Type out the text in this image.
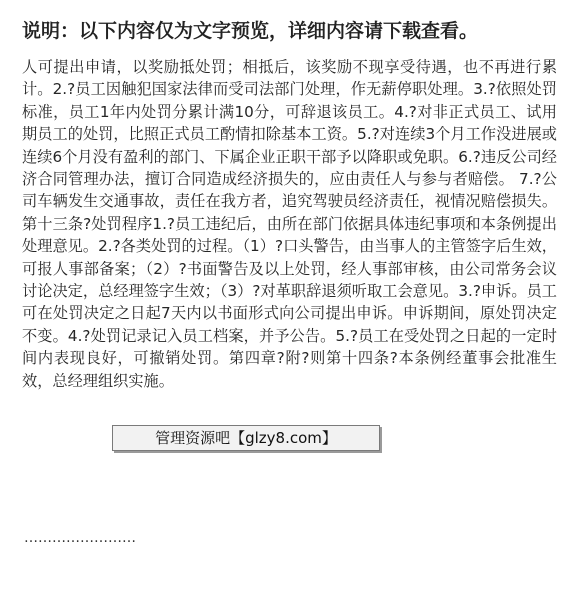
说明：以下内容仅为文字预览，详细内容请下载查看。
人可提出申请，以奖励抵处罚；相抵后，该奖励不现享受待遇，也不再进行累计。2.?员工因触犯国家法律而受司法部门处理，作无薪停职处理。3.?依照处罚标准，员工1年内处罚分累计满10分，可辞退该员工。4.?对非正式员工、试用期员工的处罚，比照正式员工酌情扣除基本工资。5.?对连续3个月工作没进展或连续6个月没有盈利的部门、下属企业正职干部予以降职或免职。6.?违反公司经济合同管理办法，擅订合同造成经济损失的，应由责任人与参与者赔偿。 7.?公司车辆发生交通事故，责任在我方者，追究驾驶员经济责任，视情况赔偿损失。第十三条?处罚程序1.?员工违纪后，由所在部门依据具体违纪事项和本条例提出处理意见。2.?各类处罚的过程。（1）?口头警告，由当事人的主管签字后生效，可报人事部备案；（2）?书面警告及以上处罚，经人事部审核，由公司常务会议讨论决定，总经理签字生效；（3）?对革职辞退须听取工会意见。3.?申诉。员工可在处罚决定之日起7天内以书面形式向公司提出申诉。申诉期间，原处罚决定不变。4.?处罚记录记入员工档案，并予公告。5.?员工在受处罚之日起的一定时间内表现良好，可撤销处罚。第四章?附?则第十四条?本条例经董事会批准生效，总经理组织实施。
……………………
管理资源吧【glzy8.com】
